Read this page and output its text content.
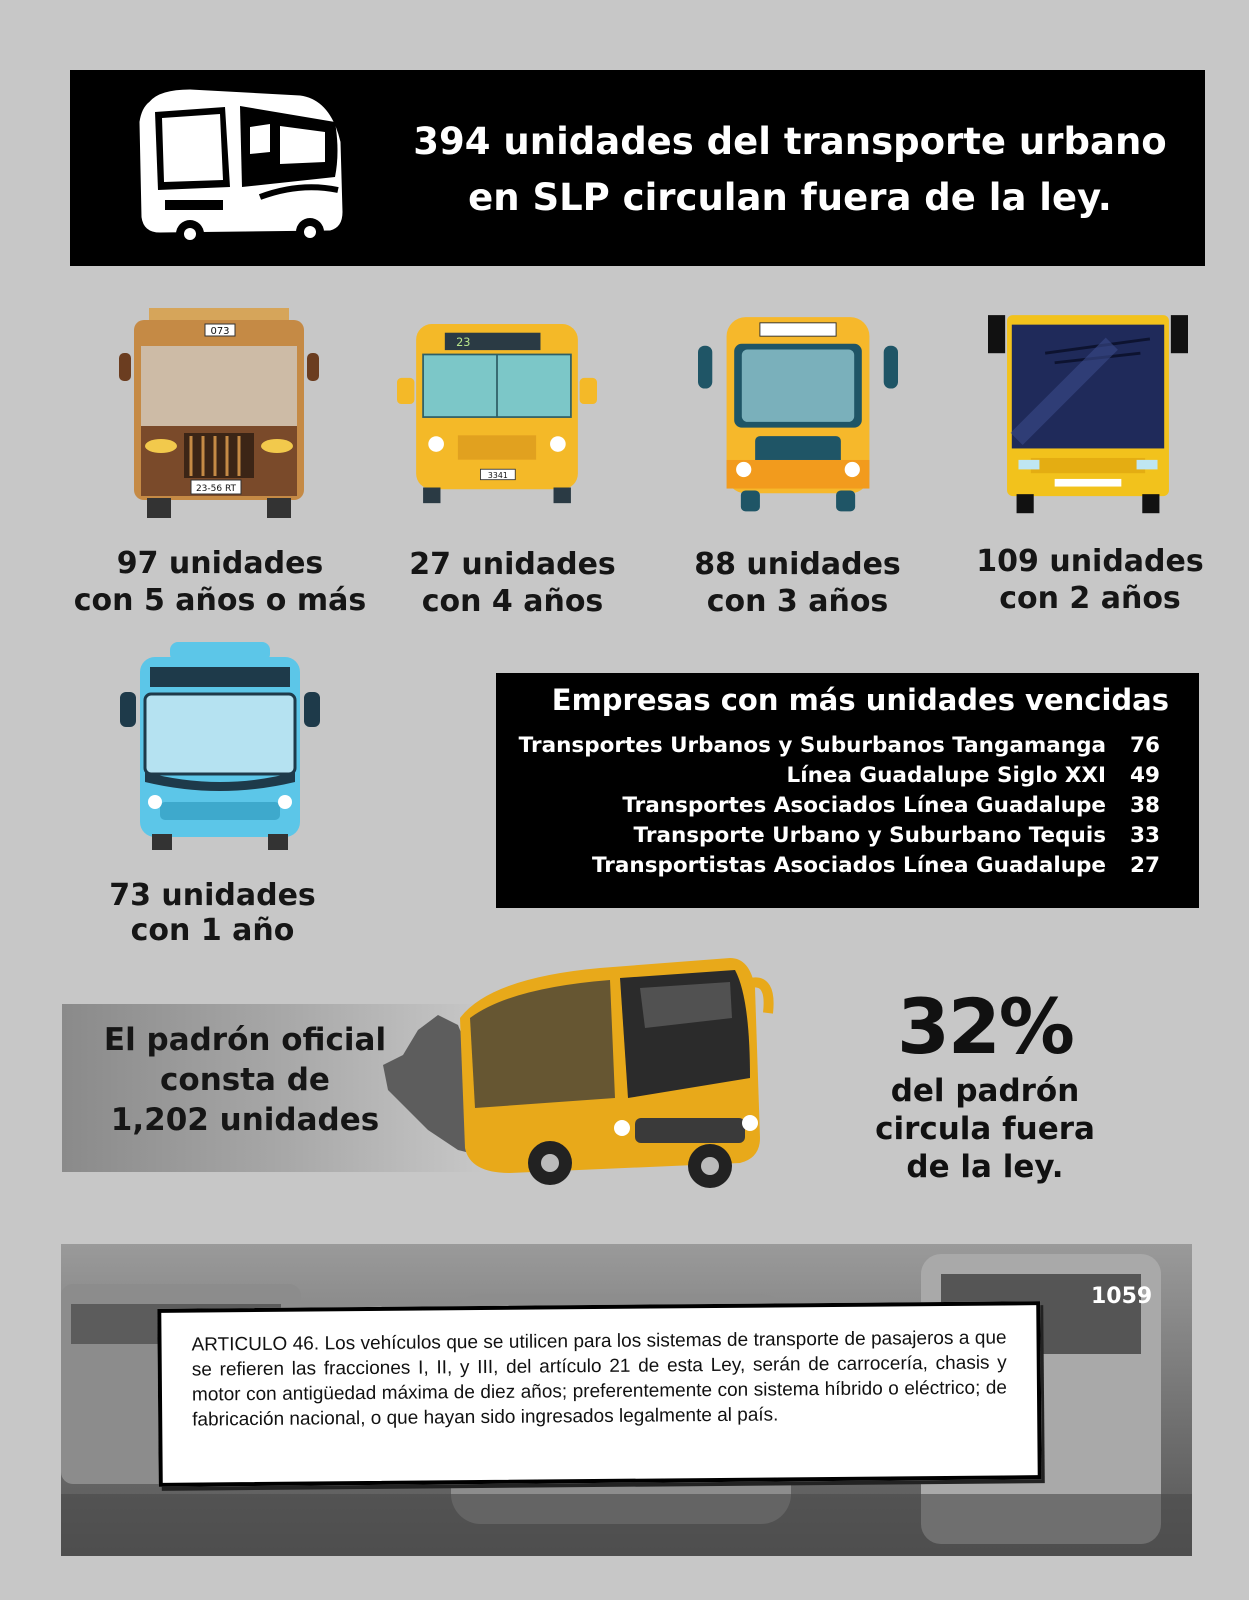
394 unidades del transporte urbano
en SLP circulan fuera de la ley.
073
23-56 RT
23
3341
97 unidades
con 5 años o más
27 unidades
con 4 años
88 unidades
con 3 años
109 unidades
con 2 años
73 unidades
con 1 año
Empresas con más unidades vencidas
Transportes Urbanos y Suburbanos Tangamanga	76
Línea Guadalupe Siglo XXI	49
Transportes Asociados Línea Guadalupe	38
Transporte Urbano y Suburbano Tequis	33
Transportistas Asociados Línea Guadalupe	27
El padrón oficial
consta de
1,202 unidades
32%
del padrón
circula fuera
de la ley.
1059
ARTICULO 46. Los vehículos que se utilicen para los sistemas de transporte de pasajeros a que se refieren las fracciones I, II, y III, del artículo 21 de esta Ley, serán de carrocería, chasis y motor con antigüedad máxima de diez años; preferentemente con sistema híbrido o eléctrico; de fabricación nacional, o que hayan sido ingresados legalmente al país.
